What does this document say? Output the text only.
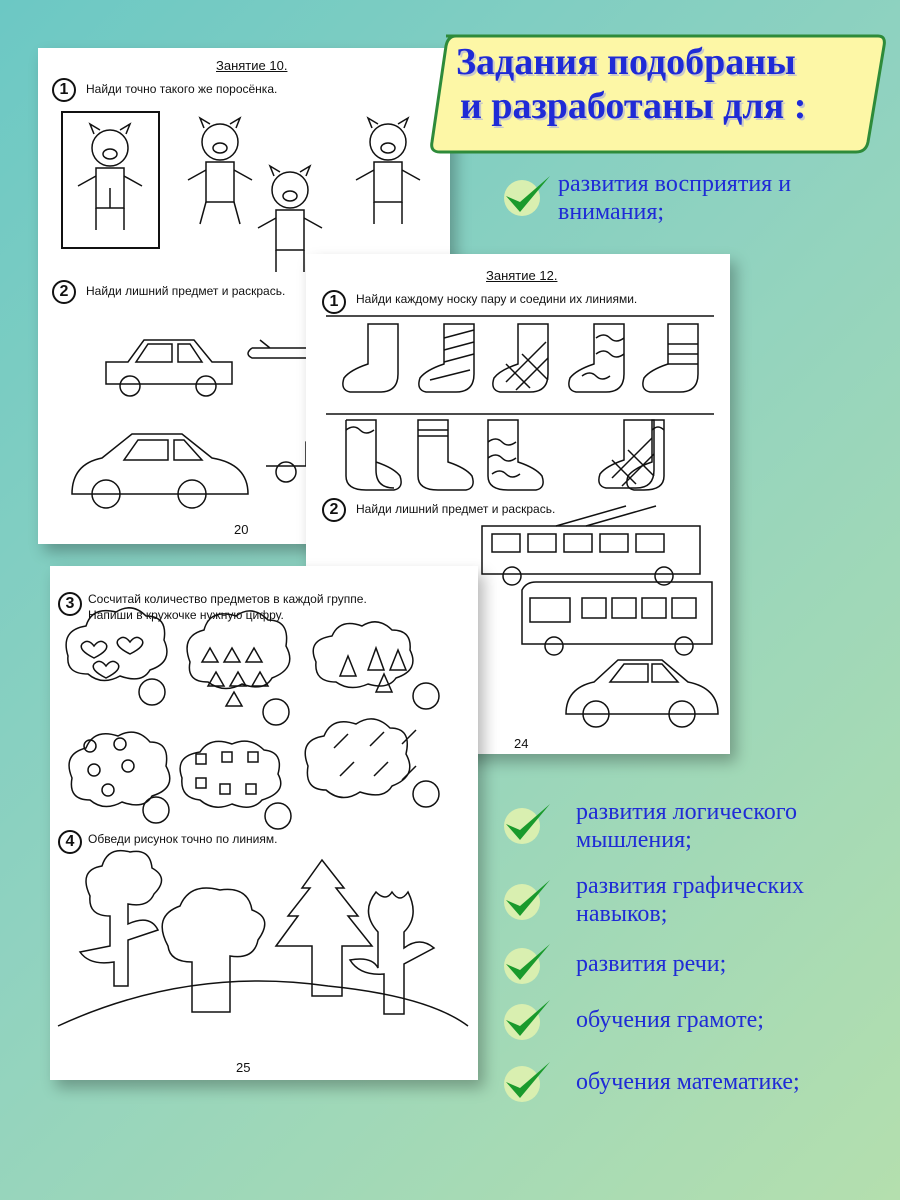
Занятие 10.
1	Найди точно такого же поросёнка.
2	Найди лишний предмет и раскрась.
20
Занятие 12.
1	Найди каждому носку пару и соедини их линиями.
2	Найди лишний предмет и раскрась.
24
3	Сосчитай количество предметов в каждой группе.
Напиши в кружочке нужную цифру.
4	Обведи рисунок точно по линиям.
25
Задания подобраны
и разработаны для :
развития восприятия и
внимания;
развития логического
мышления;
развития графических
навыков;
развития речи;
обучения грамоте;
обучения математике;
